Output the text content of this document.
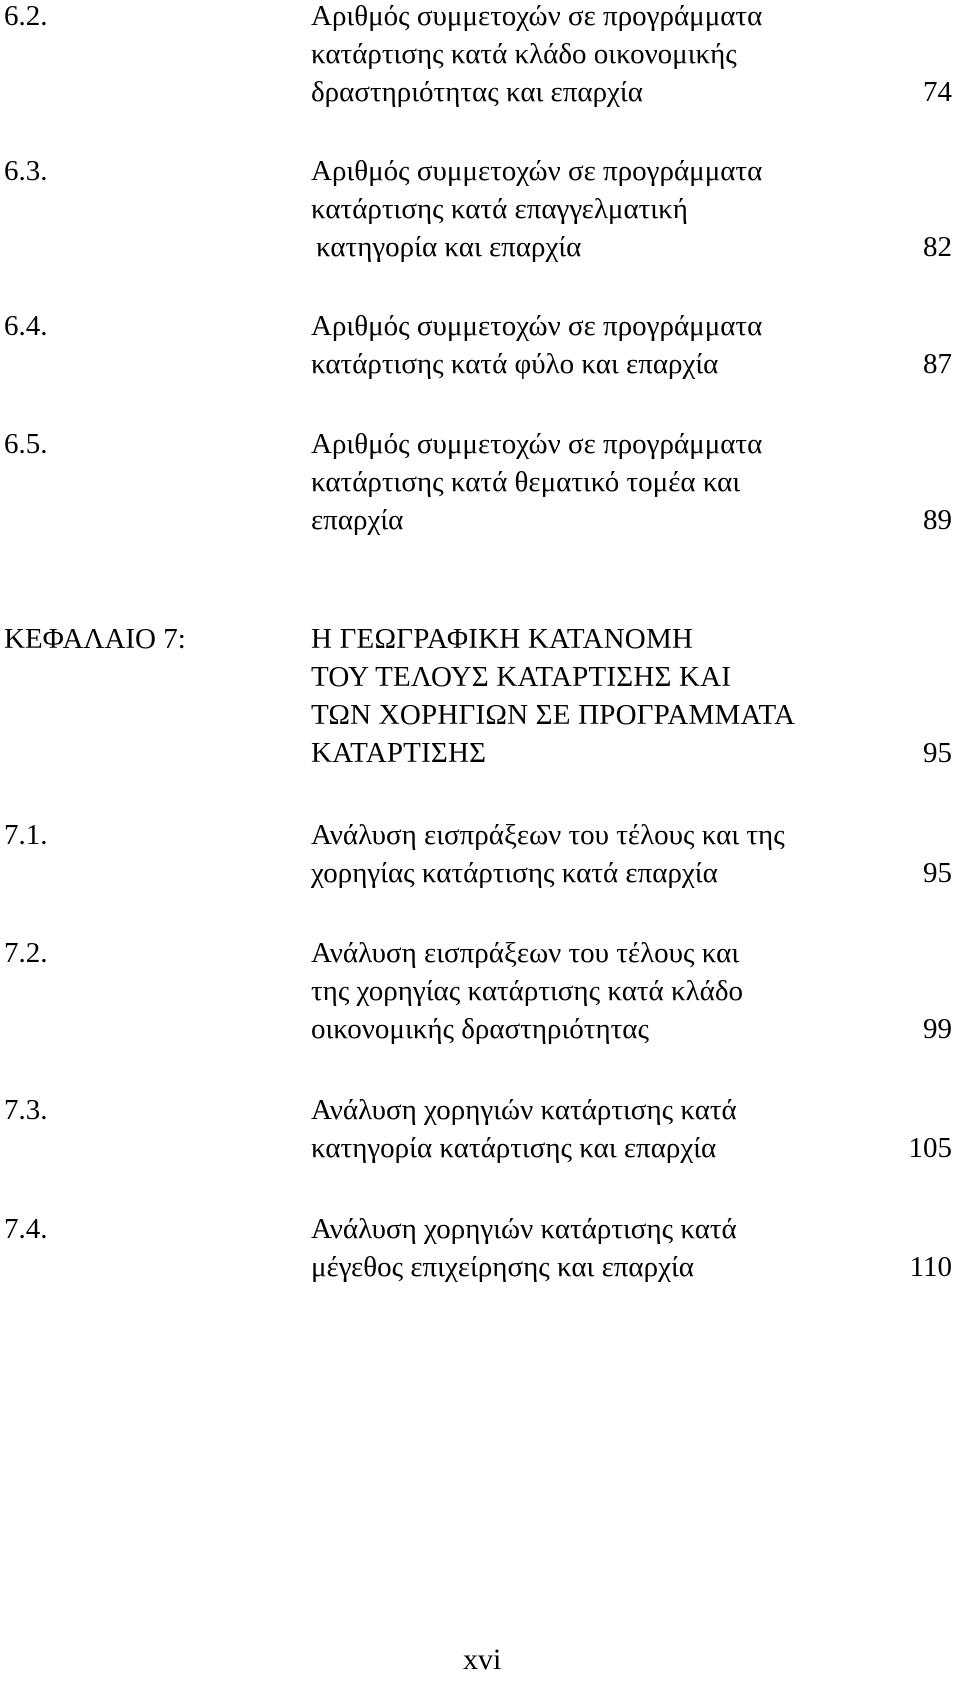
6.2.	Αριθμός συμμετοχών σε προγράμματα
κατάρτισης κατά κλάδο οικονομικής
δραστηριότητας και επαρχία	74
6.3.	Αριθμός συμμετοχών σε προγράμματα
κατάρτισης κατά επαγγελματική
κατηγορία και επαρχία	82
6.4.	Αριθμός συμμετοχών σε προγράμματα
κατάρτισης κατά φύλο και επαρχία	87
6.5.	Αριθμός συμμετοχών σε προγράμματα
κατάρτισης κατά θεματικό τομέα και
επαρχία	89
ΚΕΦΑΛΑΙΟ 7:	Η ΓΕΩΓΡΑΦΙΚΗ ΚΑΤΑΝΟΜΗ
ΤΟΥ ΤΕΛΟΥΣ ΚΑΤΑΡΤΙΣΗΣ ΚΑΙ
ΤΩΝ ΧΟΡΗΓΙΩΝ ΣΕ ΠΡΟΓΡΑΜΜΑΤΑ
ΚΑΤΑΡΤΙΣΗΣ	95
7.1.	Ανάλυση εισπράξεων του τέλους και της
χορηγίας κατάρτισης κατά επαρχία	95
7.2.	Ανάλυση εισπράξεων του τέλους και
της χορηγίας κατάρτισης κατά κλάδο
οικονομικής δραστηριότητας	99
7.3.	Ανάλυση χορηγιών κατάρτισης κατά
κατηγορία κατάρτισης και επαρχία	105
7.4.	Ανάλυση χορηγιών κατάρτισης κατά
μέγεθος επιχείρησης και επαρχία	110
xvi
